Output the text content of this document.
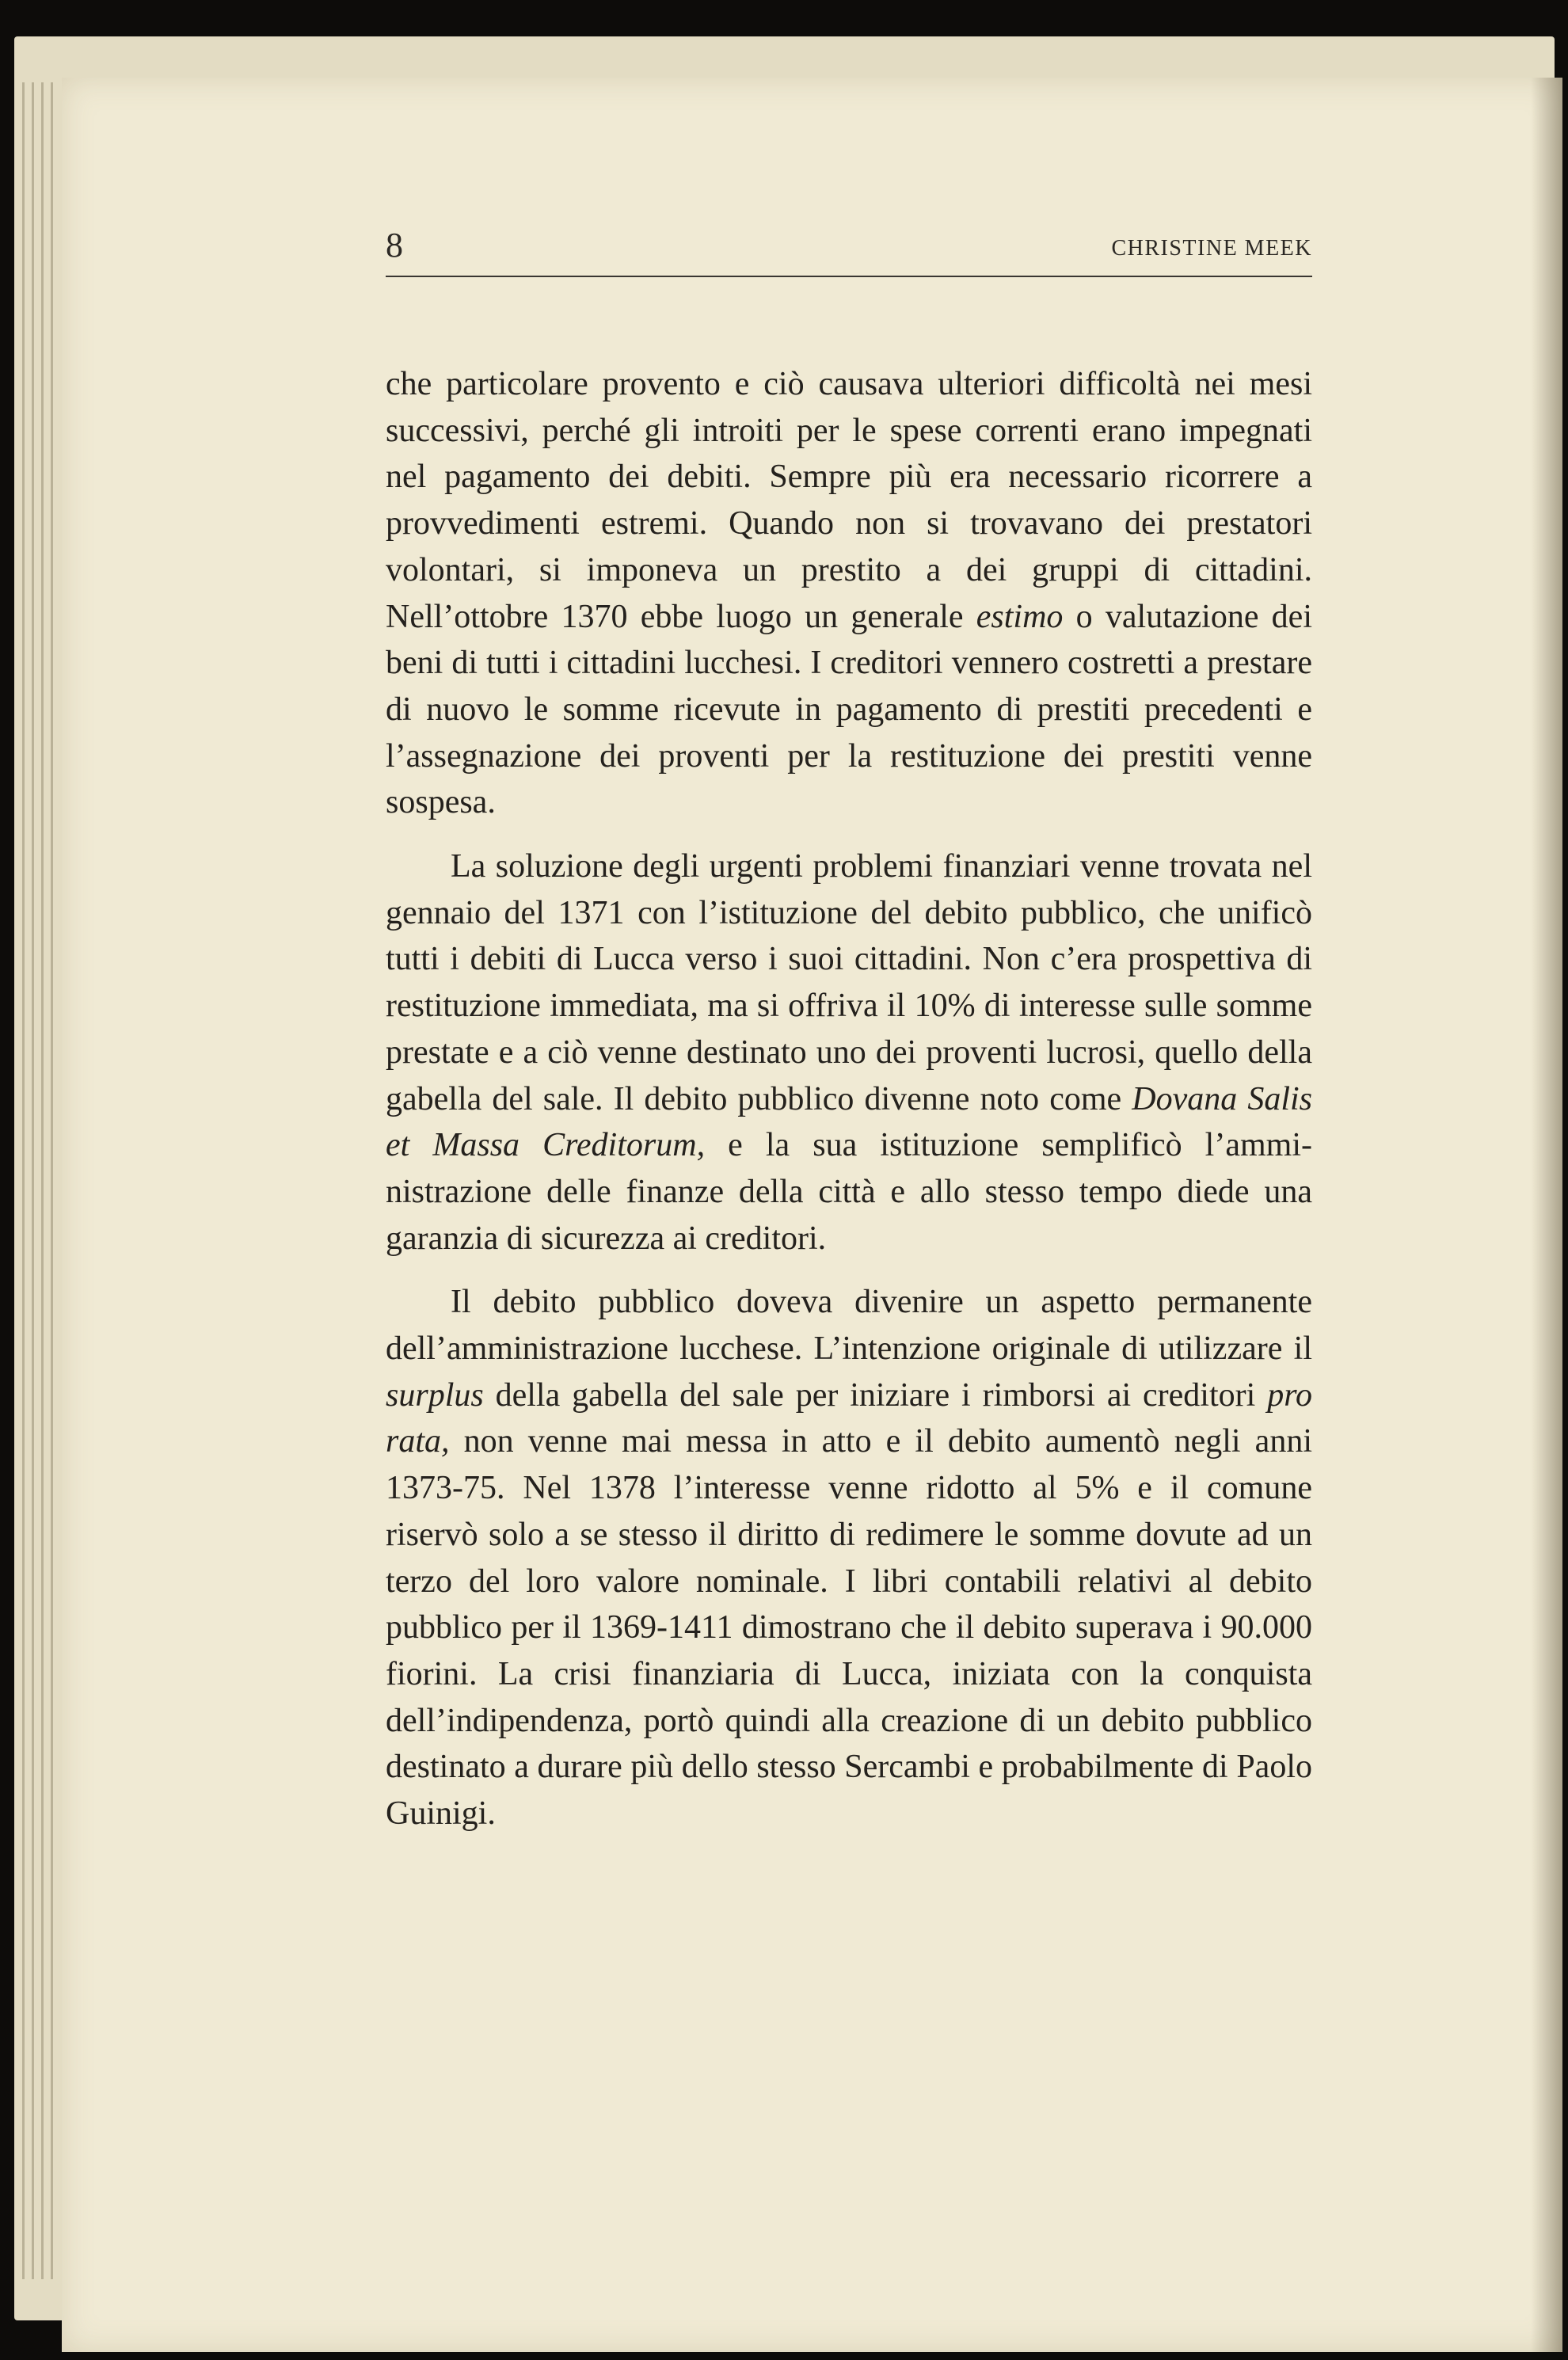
8	CHRISTINE MEEK

che particolare provento e ciò causava ulteriori difficoltà nei mesi successivi, perché gli introiti per le spese correnti erano impegnati nel pagamento dei debiti. Sempre più era necessario ricorrere a provvedimenti estremi. Quando non si trovavano dei prestatori volontari, si imponeva un prestito a dei gruppi di cittadini. Nell’ottobre 1370 ebbe luogo un generale estimo o valutazione dei beni di tutti i cittadini lucchesi. I creditori vennero costretti a prestare di nuovo le somme ricevute in pagamento di prestiti precedenti e l’assegnazione dei proventi per la restituzione dei prestiti venne sospesa.

La soluzione degli urgenti problemi finanziari venne trovata nel gennaio del 1371 con l’istituzione del debito pubblico, che unificò tutti i debiti di Lucca verso i suoi cittadini. Non c’era prospettiva di restituzione immediata, ma si offriva il 10% di interesse sulle somme prestate e a ciò venne destinato uno dei proventi lucrosi, quello della gabella del sale. Il debito pubblico divenne noto come Dovana Salis et Massa Creditorum, e la sua istituzione semplificò l’amministrazione delle finanze della città e allo stesso tempo diede una garanzia di sicurezza ai creditori.

Il debito pubblico doveva divenire un aspetto permanente dell’amministrazione lucchese. L’intenzione originale di utilizzare il surplus della gabella del sale per iniziare i rimborsi ai creditori pro rata, non venne mai messa in atto e il debito aumentò negli anni 1373-75. Nel 1378 l’interesse venne ridotto al 5% e il comune riservò solo a se stesso il diritto di redimere le somme dovute ad un terzo del loro valore nominale. I libri contabili relativi al debito pubblico per il 1369-1411 dimostrano che il debito superava i 90.000 fiorini. La crisi finanziaria di Lucca, iniziata con la conquista dell’indipendenza, portò quindi alla creazione di un debito pubblico destinato a durare più dello stesso Sercambi e probabilmente di Paolo Guinigi.
